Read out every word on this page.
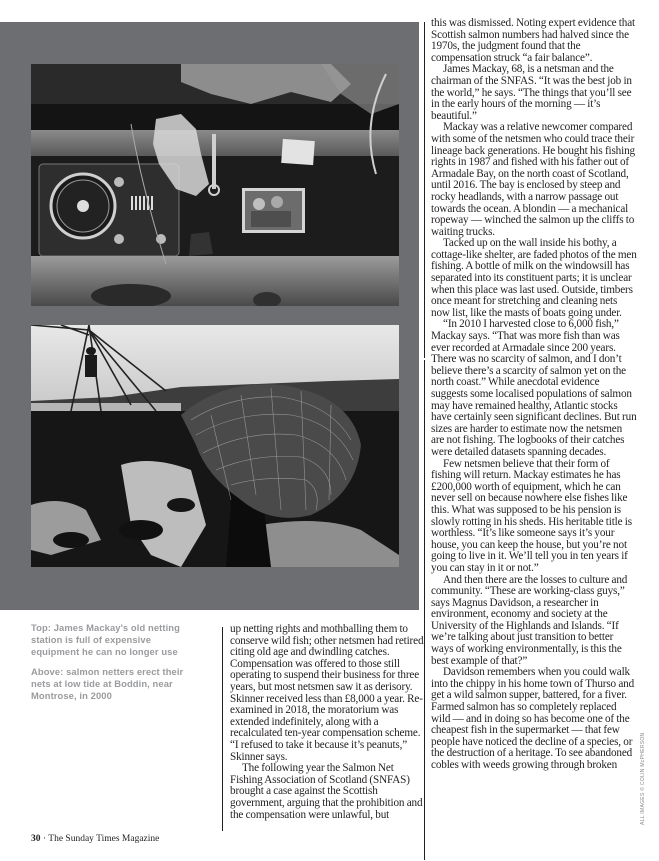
Top: James Mackay's old netting station is full of expensive equipment he can no longer use

Above: salmon netters erect their nets at low tide at Boddin, near Montrose, in 2000

up netting rights and mothballing them to conserve wild fish; other netsmen had retired citing old age and dwindling catches. Compensation was offered to those still operating to suspend their business for three years, but most netsmen saw it as derisory. Skinner received less than £8,000 a year. Re-examined in 2018, the moratorium was extended indefinitely, along with a recalculated ten-year compensation scheme. “I refused to take it because it’s peanuts,” Skinner says.

The following year the Salmon Net Fishing Association of Scotland (SNFAS) brought a case against the Scottish government, arguing that the prohibition and the compensation were unlawful, but

this was dismissed. Noting expert evidence that Scottish salmon numbers had halved since the 1970s, the judgment found that the compensation struck “a fair balance”.

James Mackay, 68, is a netsman and the chairman of the SNFAS. “It was the best job in the world,” he says. “The things that you’ll see in the early hours of the morning — it’s beautiful.”

Mackay was a relative newcomer compared with some of the netsmen who could trace their lineage back generations. He bought his fishing rights in 1987 and fished with his father out of Armadale Bay, on the north coast of Scotland, until 2016. The bay is enclosed by steep and rocky headlands, with a narrow passage out towards the ocean. A blondin — a mechanical ropeway — winched the salmon up the cliffs to waiting trucks.

Tacked up on the wall inside his bothy, a cottage-like shelter, are faded photos of the men fishing. A bottle of milk on the windowsill has separated into its constituent parts; it is unclear when this place was last used. Outside, timbers once meant for stretching and cleaning nets now list, like the masts of boats going under.

“In 2010 I harvested close to 6,000 fish,” Mackay says. “That was more fish than was ever recorded at Armadale since 200 years. There was no scarcity of salmon, and I don’t believe there’s a scarcity of salmon yet on the north coast.” While anecdotal evidence suggests some localised populations of salmon may have remained healthy, Atlantic stocks have certainly seen significant declines. But run sizes are harder to estimate now the netsmen are not fishing. The logbooks of their catches were detailed datasets spanning decades.

Few netsmen believe that their form of fishing will return. Mackay estimates he has £200,000 worth of equipment, which he can never sell on because nowhere else fishes like this. What was supposed to be his pension is slowly rotting in his sheds. His heritable title is worthless. “It’s like someone says it’s your house, you can keep the house, but you’re not going to live in it. We’ll tell you in ten years if you can stay in it or not.”

And then there are the losses to culture and community. “These are working-class guys,” says Magnus Davidson, a researcher in environment, economy and society at the University of the Highlands and Islands. “If we’re talking about just transition to better ways of working environmentally, is this the best example of that?”

Davidson remembers when you could walk into the chippy in his home town of Thurso and get a wild salmon supper, battered, for a fiver. Farmed salmon has so completely replaced wild — and in doing so has become one of the cheapest fish in the supermarket — that few people have noticed the decline of a species, or the destruction of a heritage. To see abandoned cobles with weeds growing through broken	ALL IMAGES © COLIN McPHERSON
30 · The Sunday Times Magazine
